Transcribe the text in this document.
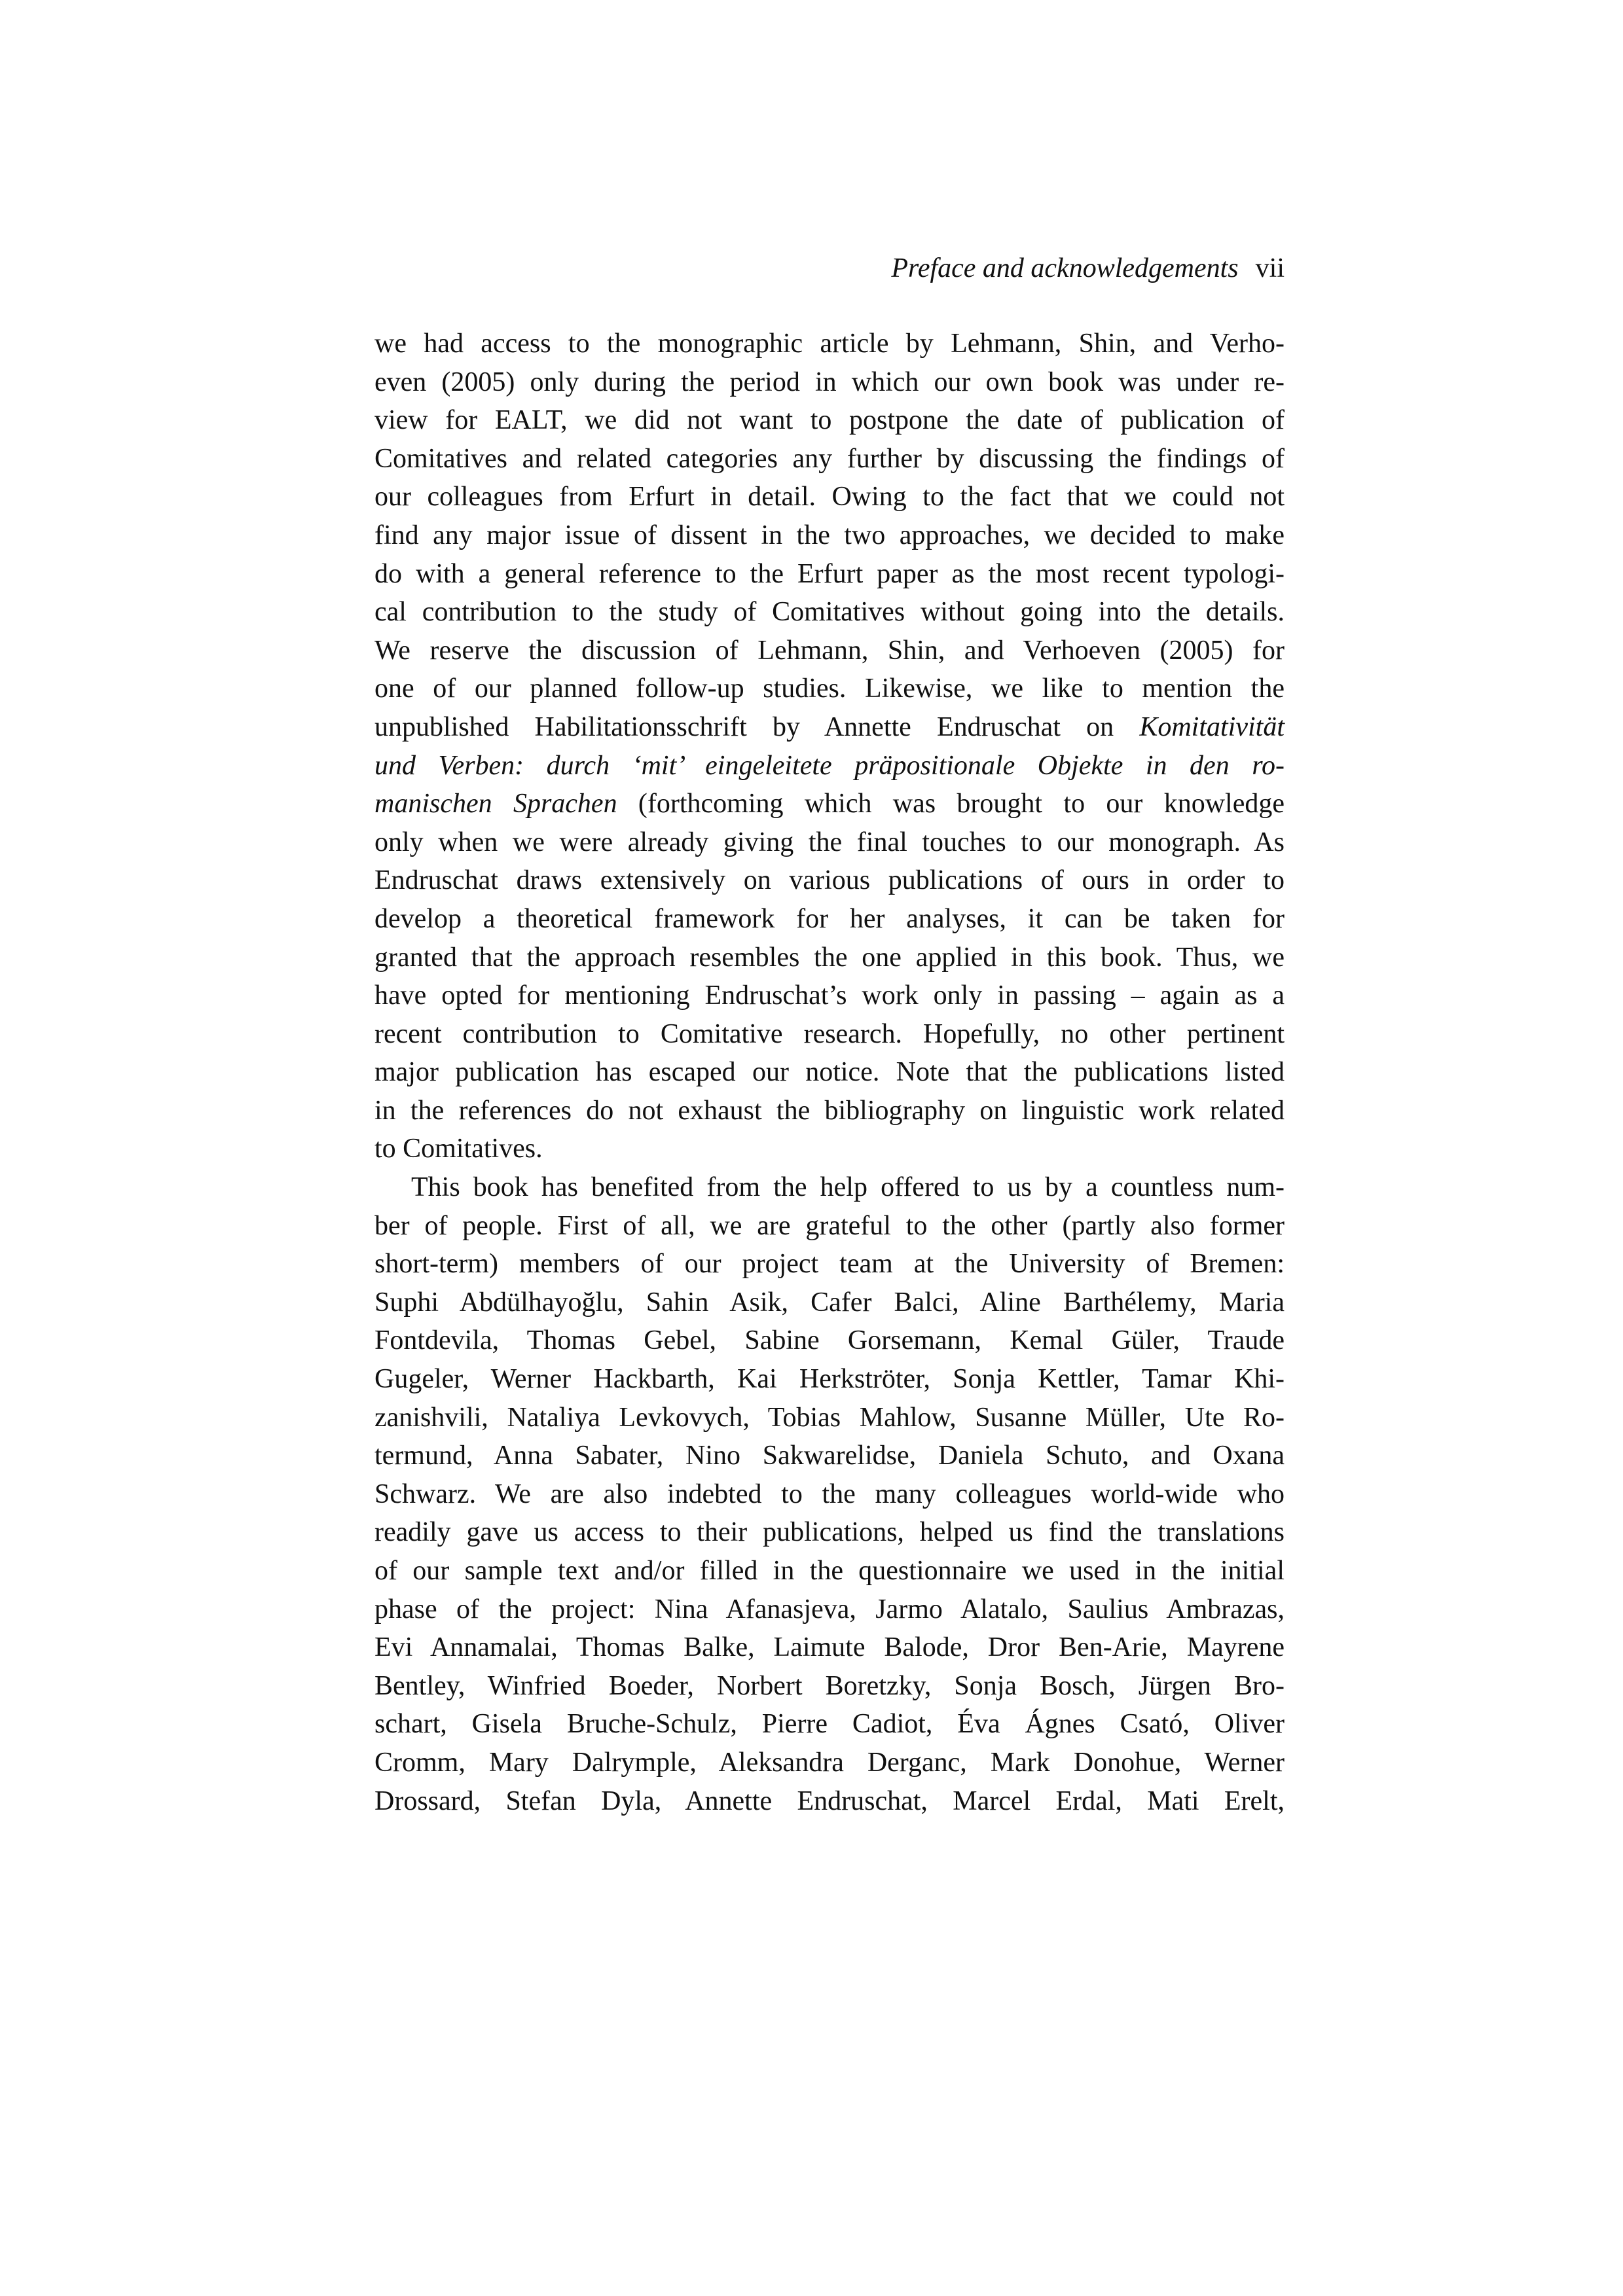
Preface and acknowledgements vii
we had access to the monographic article by Lehmann, Shin, and Verho-
even (2005) only during the period in which our own book was under re-
view for EALT, we did not want to postpone the date of publication of
Comitatives and related categories any further by discussing the findings of
our colleagues from Erfurt in detail. Owing to the fact that we could not
find any major issue of dissent in the two approaches, we decided to make
do with a general reference to the Erfurt paper as the most recent typologi-
cal contribution to the study of Comitatives without going into the details.
We reserve the discussion of Lehmann, Shin, and Verhoeven (2005) for
one of our planned follow-up studies. Likewise, we like to mention the
unpublished Habilitationsschrift by Annette Endruschat on Komitativität
und Verben: durch ‘mit’ eingeleitete präpositionale Objekte in den ro-
manischen Sprachen (forthcoming which was brought to our knowledge
only when we were already giving the final touches to our monograph. As
Endruschat draws extensively on various publications of ours in order to
develop a theoretical framework for her analyses, it can be taken for
granted that the approach resembles the one applied in this book. Thus, we
have opted for mentioning Endruschat’s work only in passing – again as a
recent contribution to Comitative research. Hopefully, no other pertinent
major publication has escaped our notice. Note that the publications listed
in the references do not exhaust the bibliography on linguistic work related
to Comitatives.
This book has benefited from the help offered to us by a countless num-
ber of people. First of all, we are grateful to the other (partly also former
short-term) members of our project team at the University of Bremen:
Suphi Abdülhayoğlu, Sahin Asik, Cafer Balci, Aline Barthélemy, Maria
Fontdevila, Thomas Gebel, Sabine Gorsemann, Kemal Güler, Traude
Gugeler, Werner Hackbarth, Kai Herkströter, Sonja Kettler, Tamar Khi-
zanishvili, Nataliya Levkovych, Tobias Mahlow, Susanne Müller, Ute Ro-
termund, Anna Sabater, Nino Sakwarelidse, Daniela Schuto, and Oxana
Schwarz. We are also indebted to the many colleagues world-wide who
readily gave us access to their publications, helped us find the translations
of our sample text and/or filled in the questionnaire we used in the initial
phase of the project: Nina Afanasjeva, Jarmo Alatalo, Saulius Ambrazas,
Evi Annamalai, Thomas Balke, Laimute Balode, Dror Ben-Arie, Mayrene
Bentley, Winfried Boeder, Norbert Boretzky, Sonja Bosch, Jürgen Bro-
schart, Gisela Bruche-Schulz, Pierre Cadiot, Éva Ágnes Csató, Oliver
Cromm, Mary Dalrymple, Aleksandra Derganc, Mark Donohue, Werner
Drossard, Stefan Dyla, Annette Endruschat, Marcel Erdal, Mati Erelt,
